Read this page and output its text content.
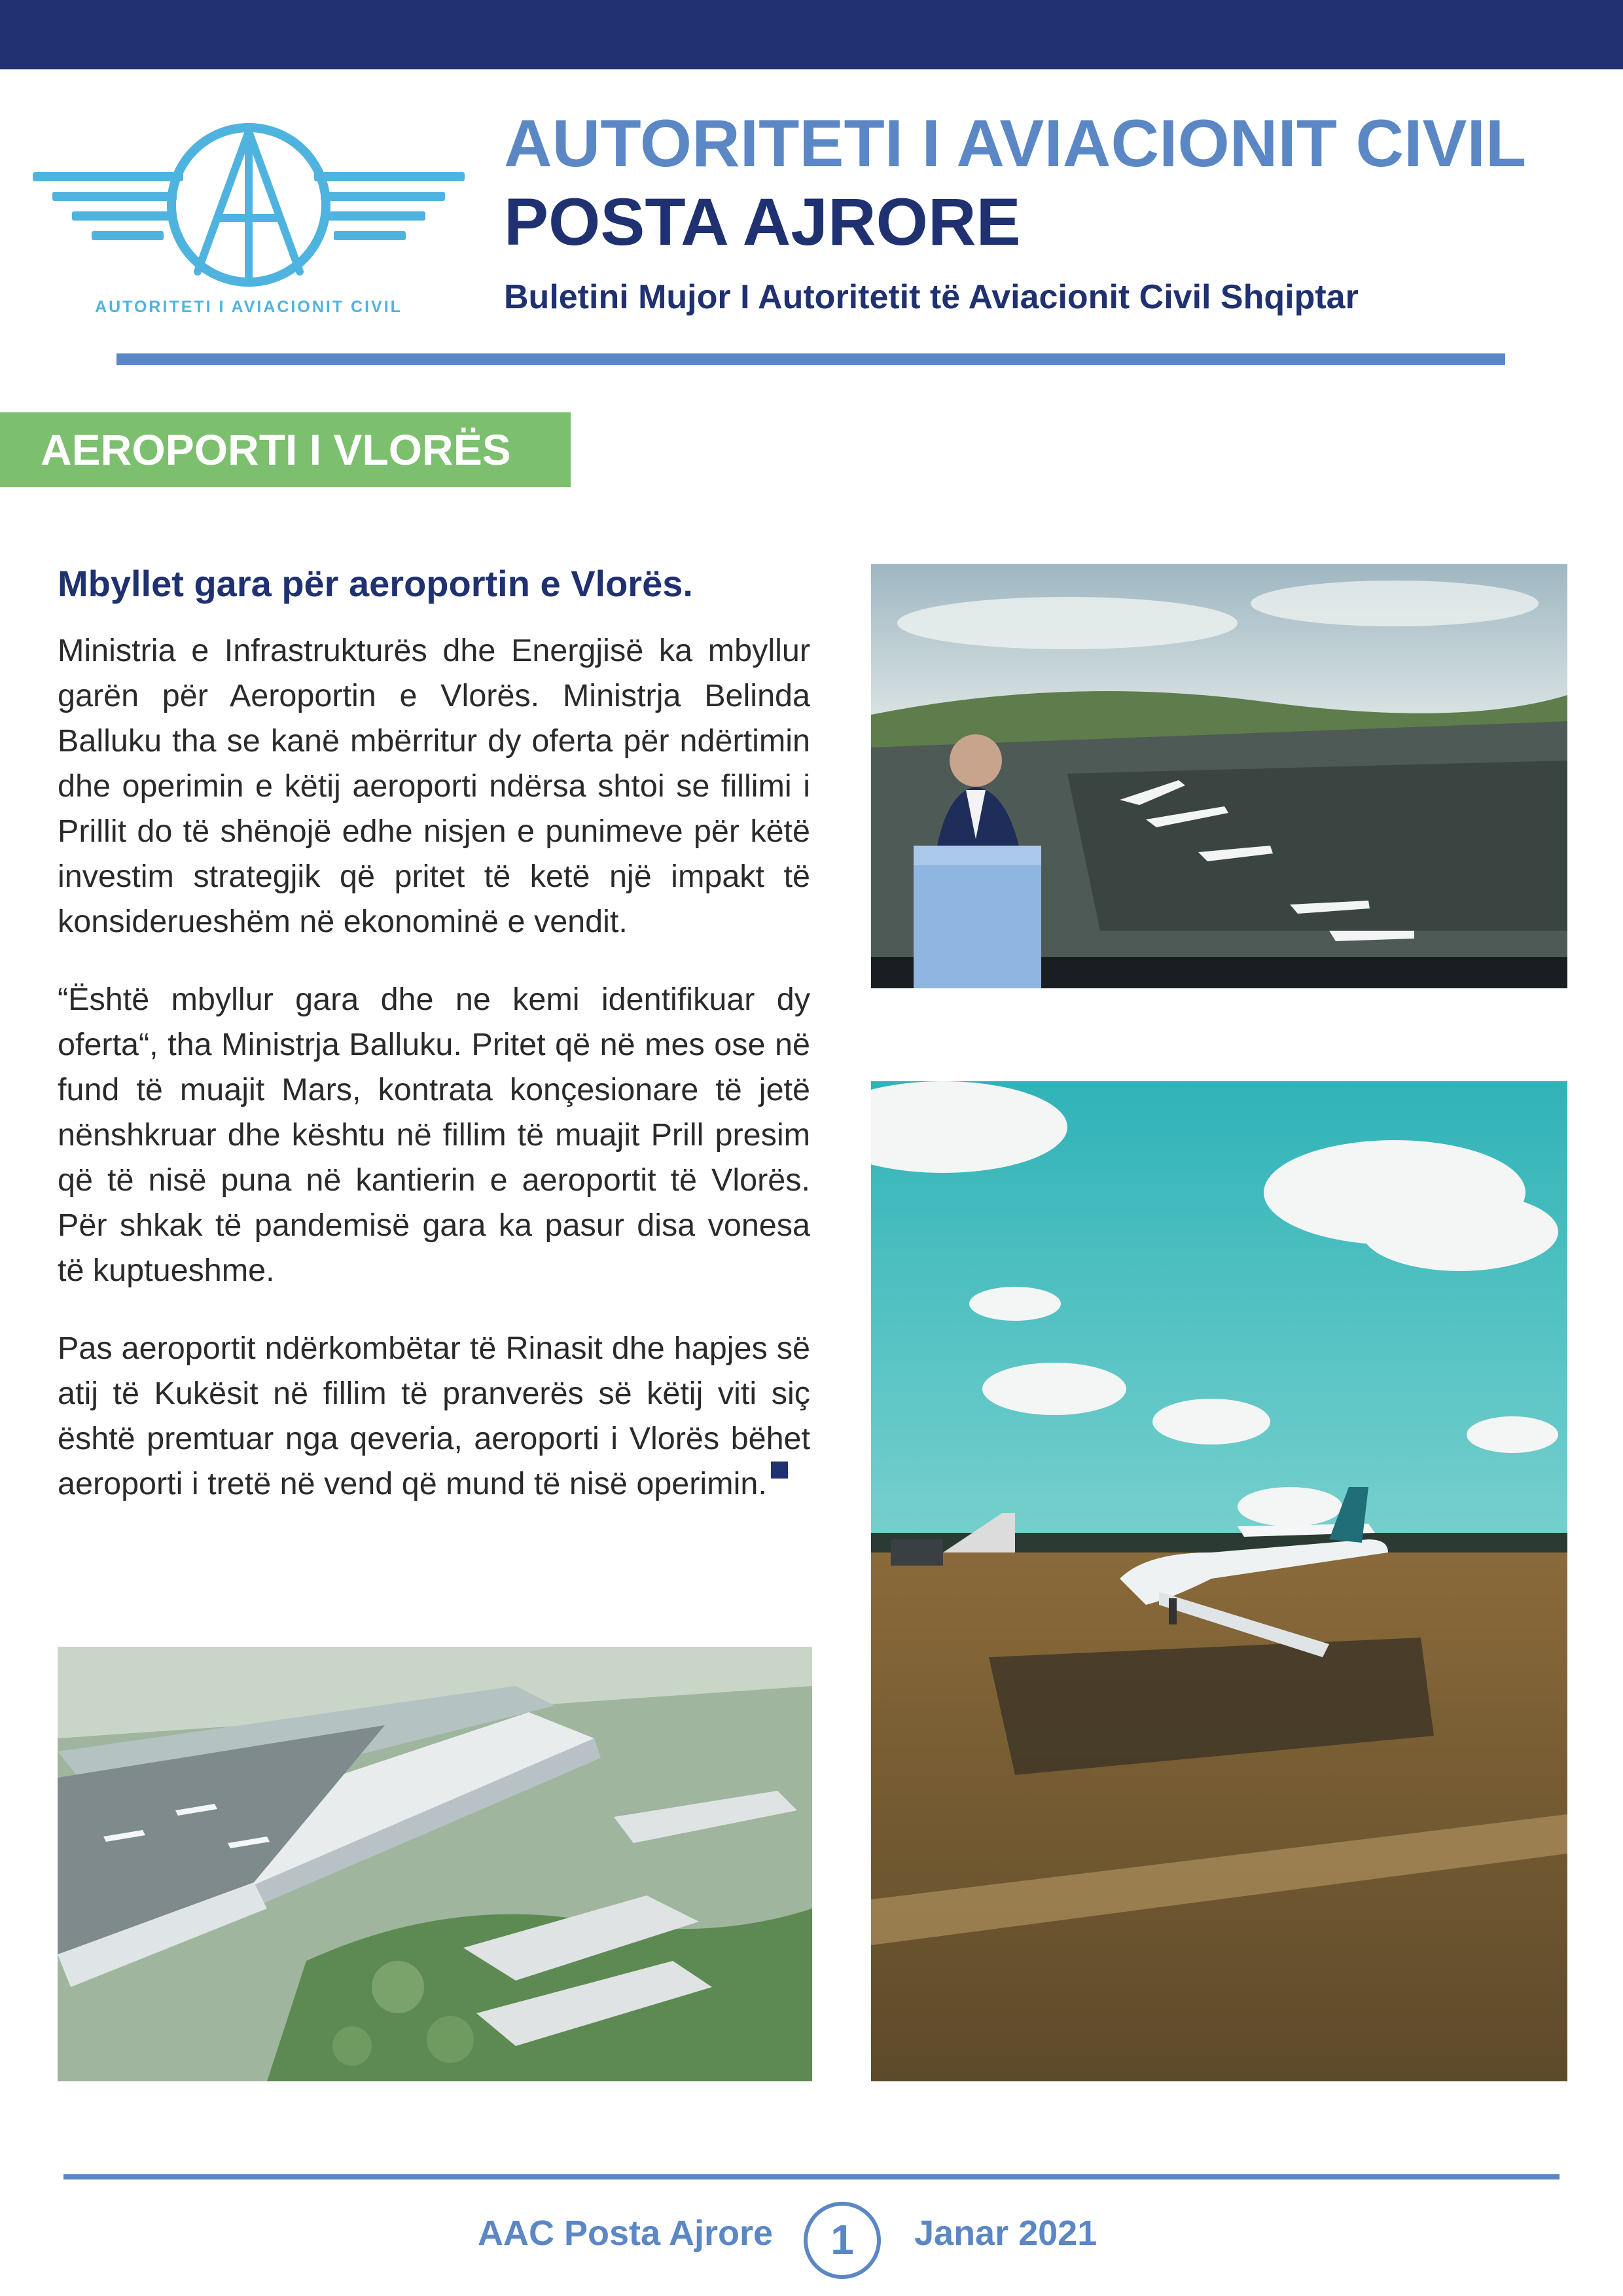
AUTORITETI I AVIACIONIT CIVIL
AUTORITETI I AVIACIONIT CIVIL
POSTA AJRORE
Buletini Mujor I Autoritetit të Aviacionit Civil Shqiptar
AEROPORTI I VLORËS
Mbyllet gara për aeroportin e Vlorës.

Ministria e Infrastrukturës dhe Energjisë ka mbyllur garën për Aeroportin e Vlorës. Ministrja Belinda Balluku tha se kanë mbërritur dy oferta për ndërtimin dhe operimin e këtij aeroporti ndërsa shtoi se fillimi i Prillit do të shënojë edhe nisjen e punimeve për këtë investim strategjik që pritet të ketë një impakt të konsiderueshëm në ekonominë e vendit.

“Është mbyllur gara dhe ne kemi identifikuar dy oferta“, tha Ministrja Balluku. Pritet që në mes ose në fund të muajit Mars, kontrata konçesionare të jetë nënshkruar dhe kështu në fillim të muajit Prill presim që të nisë puna në kantierin e aeroportit të Vlorës. Për shkak të pandemisë gara ka pasur disa vonesa të kuptueshme.

Pas aeroportit ndërkombëtar të Rinasit dhe hapjes së atij të Kukësit në fillim të pranverës së këtij viti siç është premtuar nga qeveria, aeroporti i Vlorës bëhet aeroporti i tretë në vend që mund të nisë operimin.

AAC Posta Ajrore	1	Janar 2021
